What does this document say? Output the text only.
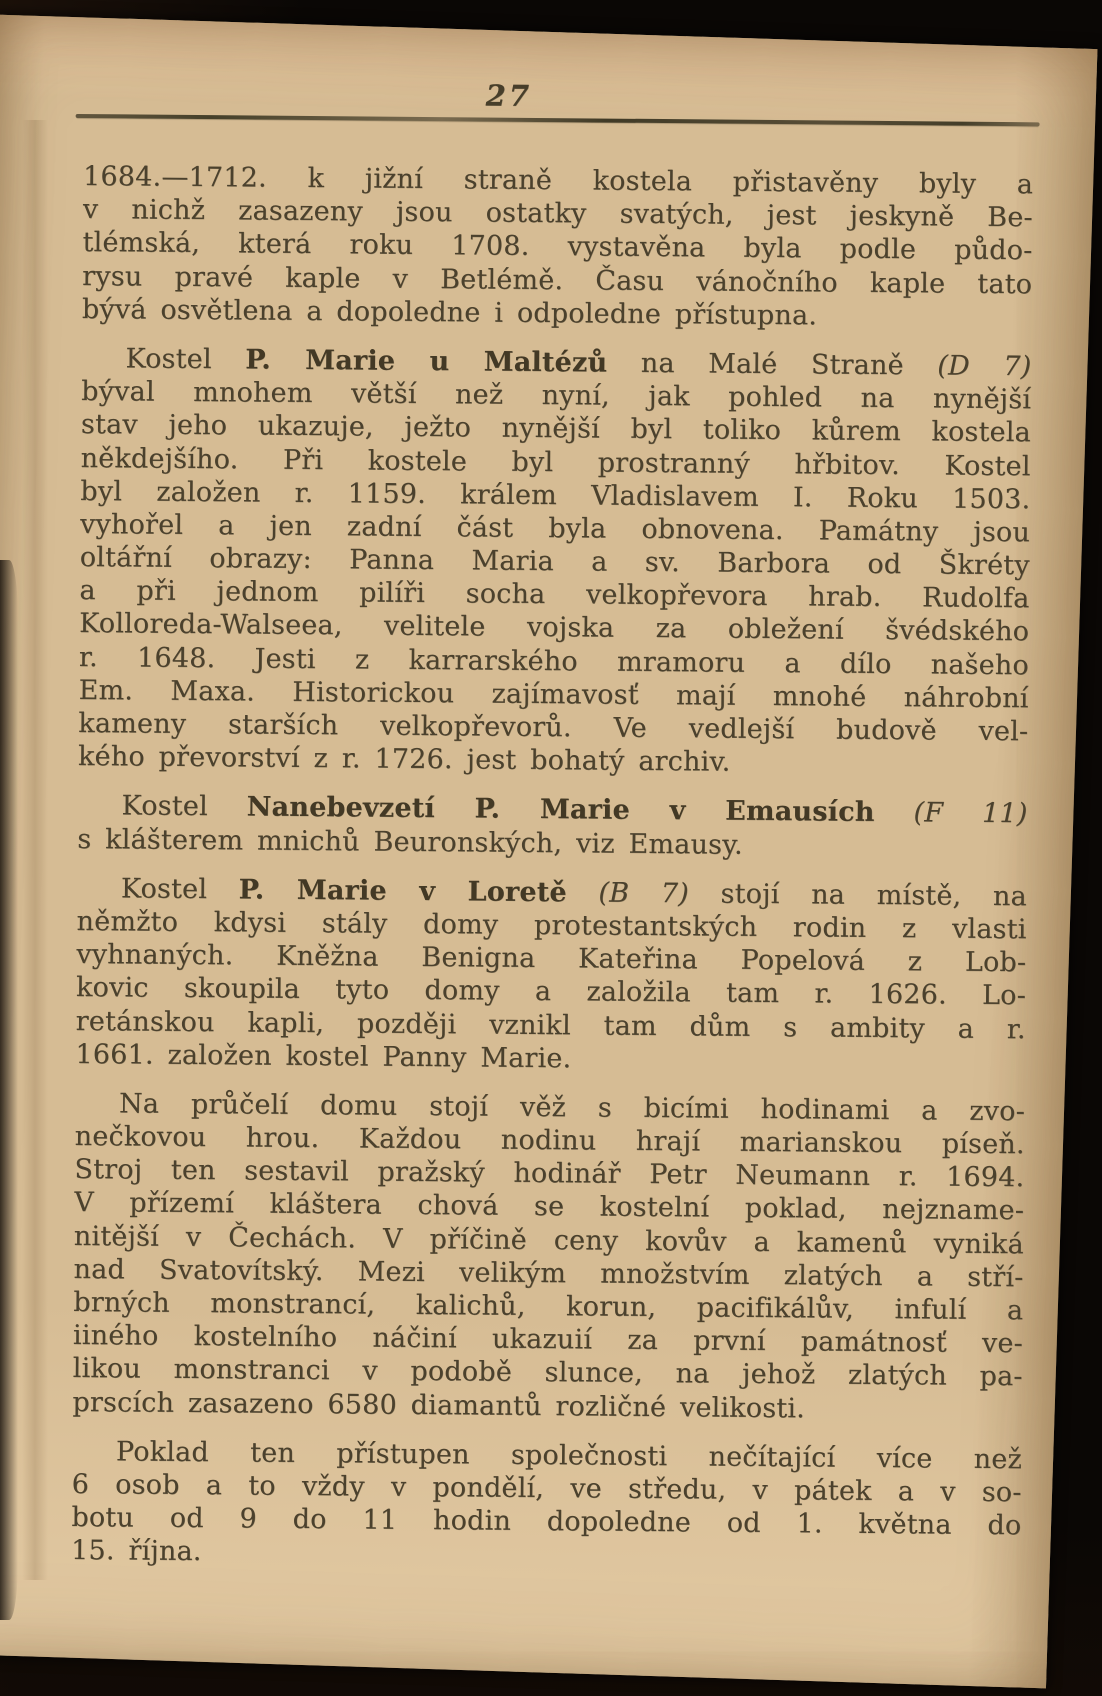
27
1684.—1712. k jižní straně kostela přistavěny byly a
v nichž zasazeny jsou ostatky svatých, jest jeskyně Be-
tlémská, která roku 1708. vystavěna byla podle půdo-
rysu pravé kaple v Betlémě. Času vánočního kaple tato
bývá osvětlena a dopoledne i odpoledne přístupna.
Kostel P. Marie u Maltézů na Malé Straně (D 7)
býval mnohem větší než nyní, jak pohled na nynější
stav jeho ukazuje, ježto nynější byl toliko kůrem kostela
někdejšího. Při kostele byl prostranný hřbitov. Kostel
byl založen r. 1159. králem Vladislavem I. Roku 1503.
vyhořel a jen zadní část byla obnovena. Památny jsou
oltářní obrazy: Panna Maria a sv. Barbora od Škréty
a při jednom pilíři socha velkopřevora hrab. Rudolfa
Kolloreda-Walseea, velitele vojska za obležení švédského
r. 1648. Jesti z karrarského mramoru a dílo našeho
Em. Maxa. Historickou zajímavosť mají mnohé náhrobní
kameny starších velkopřevorů. Ve vedlejší budově vel-
kého převorství z r. 1726. jest bohatý archiv.
Kostel Nanebevzetí P. Marie v Emausích (F 11)
s klášterem mnichů Beuronských, viz Emausy.
Kostel P. Marie v Loretě (B 7) stojí na místě, na
němžto kdysi stály domy protestantských rodin z vlasti
vyhnaných. Kněžna Benigna Kateřina Popelová z Lob-
kovic skoupila tyto domy a založila tam r. 1626. Lo-
retánskou kapli, později vznikl tam dům s ambity a r.
1661. založen kostel Panny Marie.
Na průčelí domu stojí věž s bicími hodinami a zvo-
nečkovou hrou. Každou nodinu hrají marianskou píseň.
Stroj ten sestavil pražský hodinář Petr Neumann r. 1694.
V přízemí kláštera chová se kostelní poklad, nejzname-
nitější v Čechách. V příčině ceny kovův a kamenů vyniká
nad Svatovítský. Mezi velikým množstvím zlatých a stří-
brných monstrancí, kalichů, korun, pacifikálův, infulí a
iiného kostelního náčiní ukazuií za první památnosť ve-
likou monstranci v podobě slunce, na jehož zlatých pa-
prscích zasazeno 6580 diamantů rozličné velikosti.
Poklad ten přístupen společnosti nečítající více než
6 osob a to vždy v pondělí, ve středu, v pátek a v so-
botu od 9 do 11 hodin dopoledne od 1. května do
15. října.
